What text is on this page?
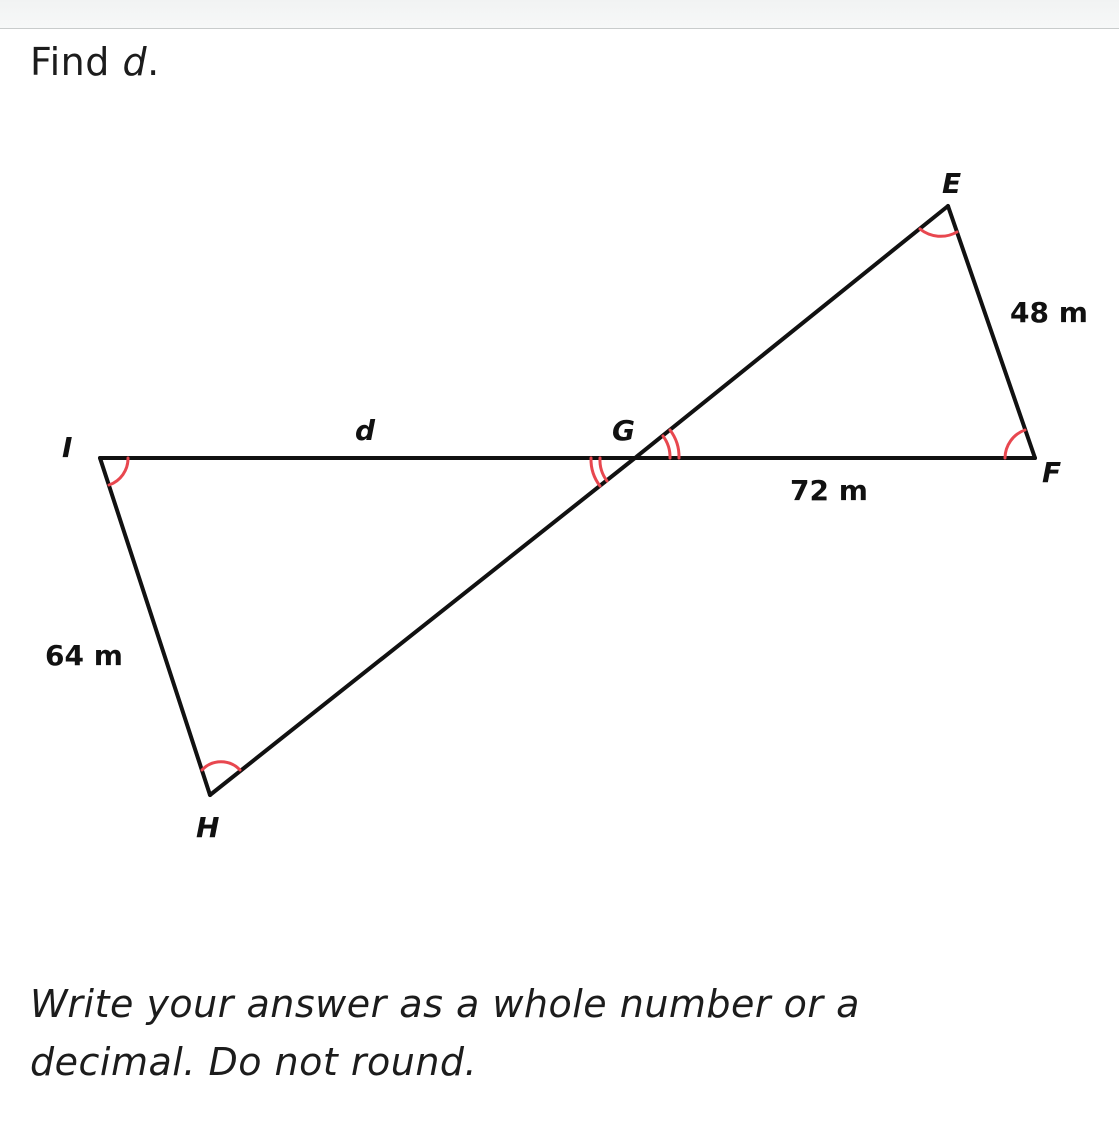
Find d.
E
F
G
H
I
d
48 m
72 m
64 m
Write your answer as a whole number or a decimal. Do not round.
